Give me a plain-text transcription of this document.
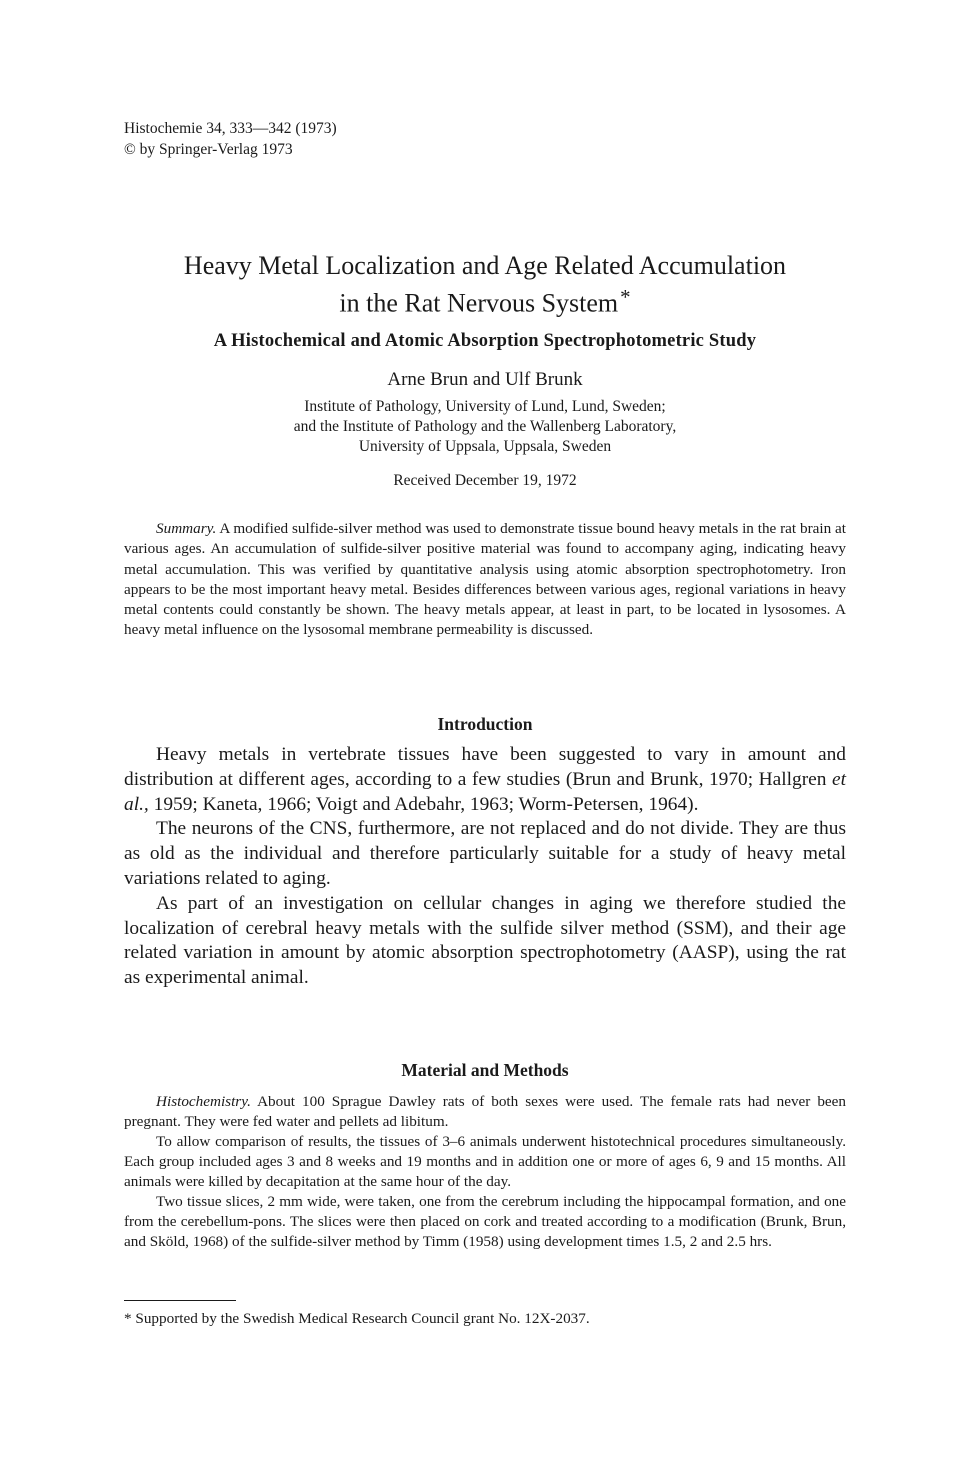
Histochemie 34, 333—342 (1973)
© by Springer-Verlag 1973
Heavy Metal Localization and Age Related Accumulation
in the Rat Nervous System*
A Histochemical and Atomic Absorption Spectrophotometric Study
Arne Brun and Ulf Brunk
Institute of Pathology, University of Lund, Lund, Sweden;
and the Institute of Pathology and the Wallenberg Laboratory,
University of Uppsala, Uppsala, Sweden
Received December 19, 1972

Summary. A modified sulfide-silver method was used to demonstrate tissue bound heavy metals in the rat brain at various ages. An accumulation of sulfide-silver positive material was found to accompany aging, indicating heavy metal accumulation. This was verified by quantitative analysis using atomic absorption spectrophotometry. Iron appears to be the most important heavy metal. Besides differences between various ages, regional variations in heavy metal contents could constantly be shown. The heavy metals appear, at least in part, to be located in lysosomes. A heavy metal influence on the lysosomal membrane permeability is discussed.

Introduction

Heavy metals in vertebrate tissues have been suggested to vary in amount and distribution at different ages, according to a few studies (Brun and Brunk, 1970; Hallgren et al., 1959; Kaneta, 1966; Voigt and Adebahr, 1963; Worm-Petersen, 1964).

The neurons of the CNS, furthermore, are not replaced and do not divide. They are thus as old as the individual and therefore particularly suitable for a study of heavy metal variations related to aging.

As part of an investigation on cellular changes in aging we therefore studied the localization of cerebral heavy metals with the sulfide silver method (SSM), and their age related variation in amount by atomic absorption spectrophotometry (AASP), using the rat as experimental animal.

Material and Methods

Histochemistry. About 100 Sprague Dawley rats of both sexes were used. The female rats had never been pregnant. They were fed water and pellets ad libitum.

To allow comparison of results, the tissues of 3–6 animals underwent histotechnical procedures simultaneously. Each group included ages 3 and 8 weeks and 19 months and in addition one or more of ages 6, 9 and 15 months. All animals were killed by decapitation at the same hour of the day.

Two tissue slices, 2 mm wide, were taken, one from the cerebrum including the hippocampal formation, and one from the cerebellum-pons. The slices were then placed on cork and treated according to a modification (Brunk, Brun, and Sköld, 1968) of the sulfide-silver method by Timm (1958) using development times 1.5, 2 and 2.5 hrs.

* Supported by the Swedish Medical Research Council grant No. 12X-2037.
